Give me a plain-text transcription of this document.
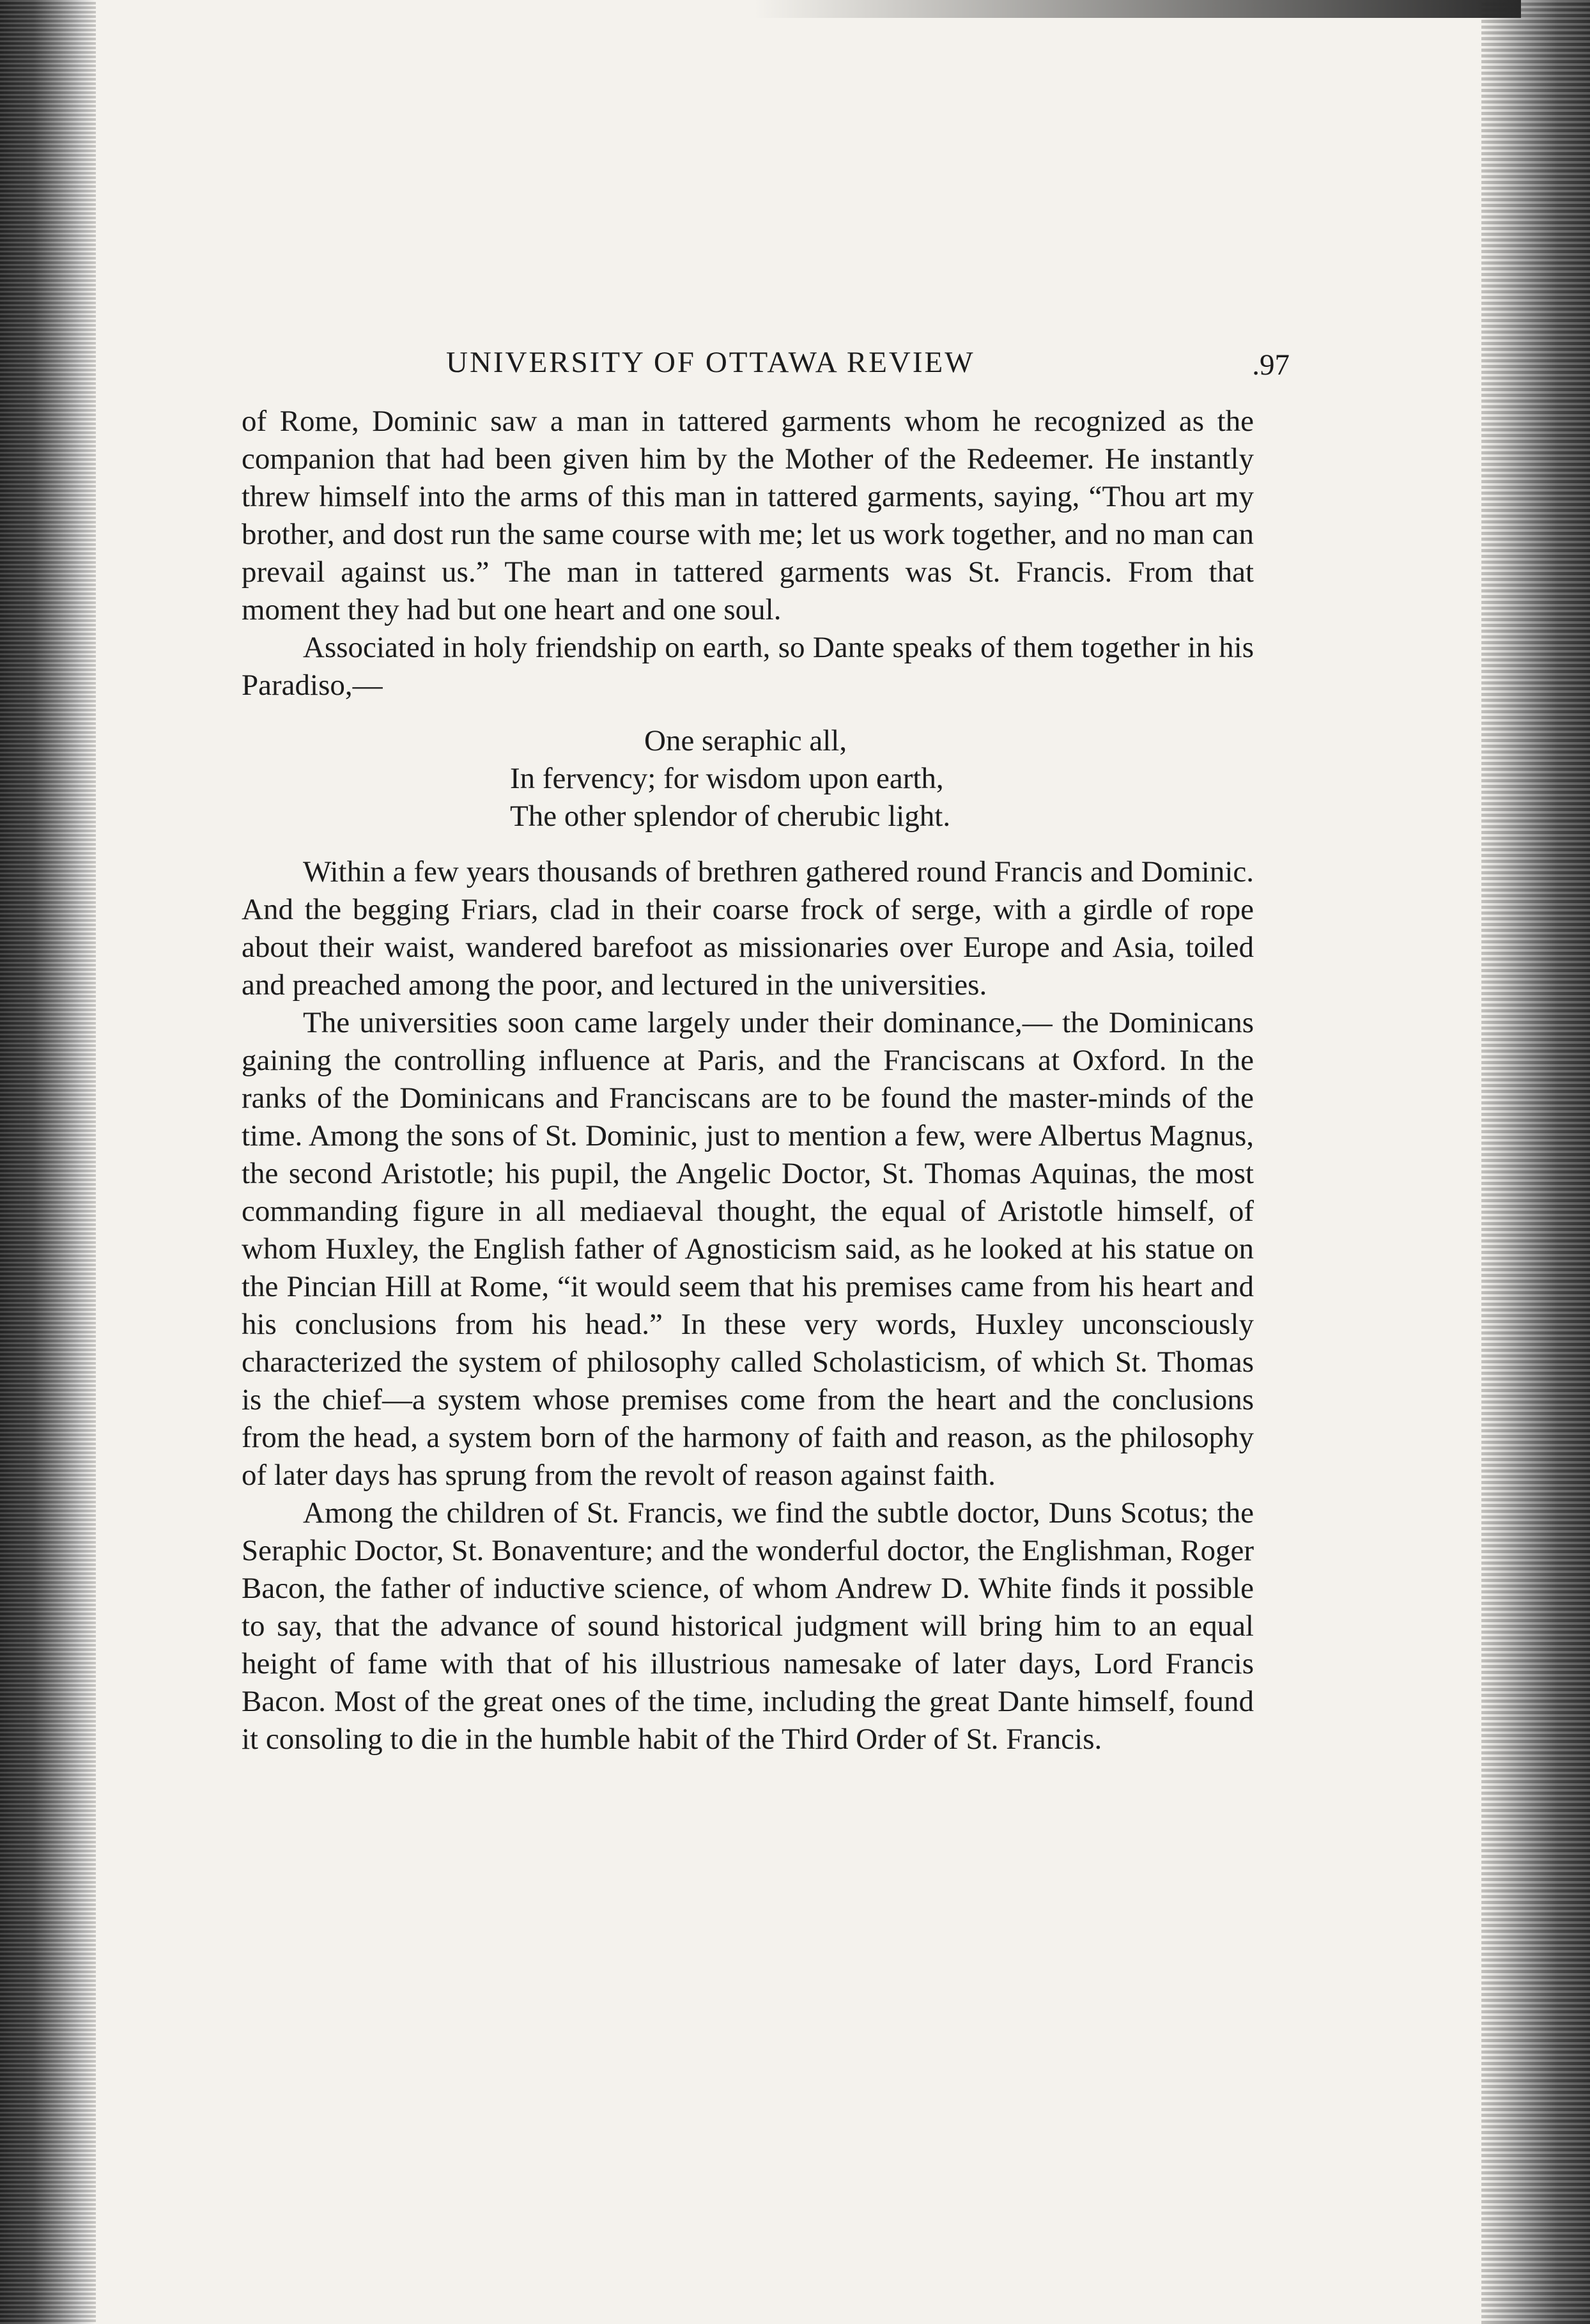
UNIVERSITY OF OTTAWA REVIEW	.97

of Rome, Dominic saw a man in tattered garments whom he recognized as the companion that had been given him by the Mother of the Redeemer. He instantly threw himself into the arms of this man in tattered garments, saying, “Thou art my brother, and dost run the same course with me; let us work together, and no man can prevail against us.” The man in tattered garments was St. Francis. From that moment they had but one heart and one soul.

Associated in holy friendship on earth, so Dante speaks of them together in his Paradiso,—

One seraphic all,
In fervency; for wisdom upon earth,
The other splendor of cherubic light.

Within a few years thousands of brethren gathered round Francis and Dominic. And the begging Friars, clad in their coarse frock of serge, with a girdle of rope about their waist, wandered barefoot as missionaries over Europe and Asia, toiled and preached among the poor, and lectured in the universities.

The universities soon came largely under their dominance,— the Dominicans gaining the controlling influence at Paris, and the Franciscans at Oxford. In the ranks of the Dominicans and Franciscans are to be found the master-minds of the time. Among the sons of St. Dominic, just to mention a few, were Albertus Magnus, the second Aristotle; his pupil, the Angelic Doctor, St. Thomas Aquinas, the most commanding figure in all mediaeval thought, the equal of Aristotle himself, of whom Huxley, the English father of Agnosticism said, as he looked at his statue on the Pincian Hill at Rome, “it would seem that his premises came from his heart and his conclusions from his head.” In these very words, Huxley unconsciously characterized the system of philosophy called Scholasticism, of which St. Thomas is the chief—a system whose premises come from the heart and the conclusions from the head, a system born of the harmony of faith and reason, as the philosophy of later days has sprung from the revolt of reason against faith.

Among the children of St. Francis, we find the subtle doctor, Duns Scotus; the Seraphic Doctor, St. Bonaventure; and the wonderful doctor, the Englishman, Roger Bacon, the father of inductive science, of whom Andrew D. White finds it possible to say, that the advance of sound historical judgment will bring him to an equal height of fame with that of his illustrious namesake of later days, Lord Francis Bacon. Most of the great ones of the time, including the great Dante himself, found it consoling to die in the humble habit of the Third Order of St. Francis.
